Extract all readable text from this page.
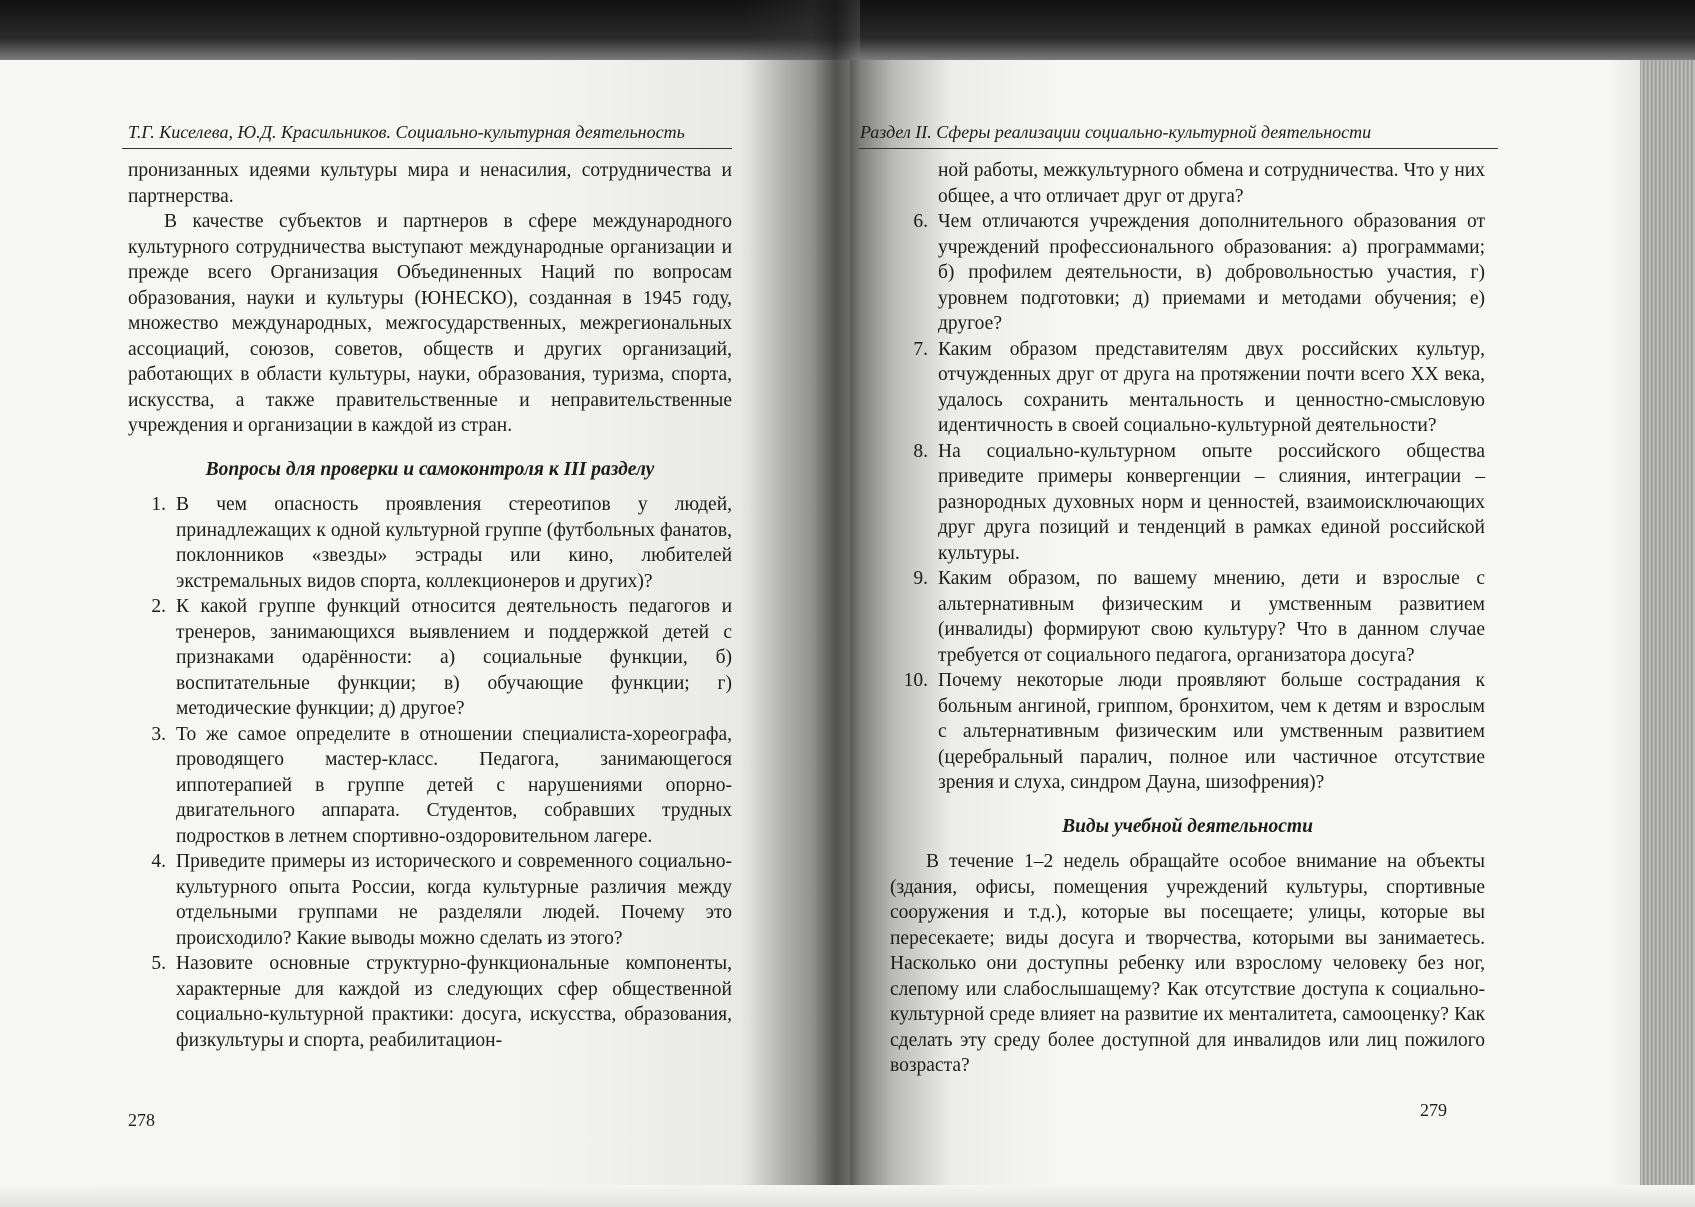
Т.Г. Киселева, Ю.Д. Красильников. Социально-культурная деятельность

пронизанных идеями культуры мира и ненасилия, сотрудничества и партнерства.

В качестве субъектов и партнеров в сфере международного культурного сотрудничества выступают международные организации и прежде всего Организация Объединенных Наций по вопросам образования, науки и культуры (ЮНЕСКО), созданная в 1945 году, множество международных, межгосударственных, межрегиональных ассоциаций, союзов, советов, обществ и других организаций, работающих в области культуры, науки, образования, туризма, спорта, искусства, а также правительственные и неправительственные учреждения и организации в каждой из стран.

Вопросы для проверки и самоконтроля к III разделу

1. В чем опасность проявления стереотипов у людей, принадлежащих к одной культурной группе (футбольных фанатов, поклонников «звезды» эстрады или кино, любителей экстремальных видов спорта, коллекционеров и других)?
2. К какой группе функций относится деятельность педагогов и тренеров, занимающихся выявлением и поддержкой детей с признаками одарённости: а) социальные функции, б) воспитательные функции; в) обучающие функции; г) методические функции; д) другое?
3. То же самое определите в отношении специалиста-хореографа, проводящего мастер-класс. Педагога, занимающегося иппотерапией в группе детей с нарушениями опорно-двигательного аппарата. Студентов, собравших трудных подростков в летнем спортивно-оздоровительном лагере.
4. Приведите примеры из исторического и современного социально-культурного опыта России, когда культурные различия между отдельными группами не разделяли людей. Почему это происходило? Какие выводы можно сделать из этого?
5. Назовите основные структурно-функциональные компоненты, характерные для каждой из следующих сфер общественной социально-культурной практики: досуга, искусства, образования, физкультуры и спорта, реабилитацион-
278
Раздел II. Сферы реализации социально-культурной деятельности
ной работы, межкультурного обмена и сотрудничества. Что у них общее, а что отличает друг от друга?
6. Чем отличаются учреждения дополнительного образования от учреждений профессионального образования: а) программами; б) профилем деятельности, в) добровольностью участия, г) уровнем подготовки; д) приемами и методами обучения; е) другое?
7. Каким образом представителям двух российских культур, отчужденных друг от друга на протяжении почти всего XX века, удалось сохранить ментальность и ценностно-смысловую идентичность в своей социально-культурной деятельности?
8. На социально-культурном опыте российского общества приведите примеры конвергенции – слияния, интеграции – разнородных духовных норм и ценностей, взаимоисключающих друг друга позиций и тенденций в рамках единой российской культуры.
9. Каким образом, по вашему мнению, дети и взрослые с альтернативным физическим и умственным развитием (инвалиды) формируют свою культуру? Что в данном случае требуется от социального педагога, организатора досуга?
10. Почему некоторые люди проявляют больше сострадания к больным ангиной, гриппом, бронхитом, чем к детям и взрослым с альтернативным физическим или умственным развитием (церебральный паралич, полное или частичное отсутствие зрения и слуха, синдром Дауна, шизофрения)?

Виды учебной деятельности

В течение 1–2 недель обращайте особое внимание на объекты (здания, офисы, помещения учреждений культуры, спортивные сооружения и т.д.), которые вы посещаете; улицы, которые вы пересекаете; виды досуга и творчества, которыми вы занимаетесь. Насколько они доступны ребенку или взрослому человеку без ног, слепому или слабослышащему? Как отсутствие доступа к социально-культурной среде влияет на развитие их менталитета, самооценку? Как сделать эту среду более доступной для инвалидов или лиц пожилого возраста?

279
